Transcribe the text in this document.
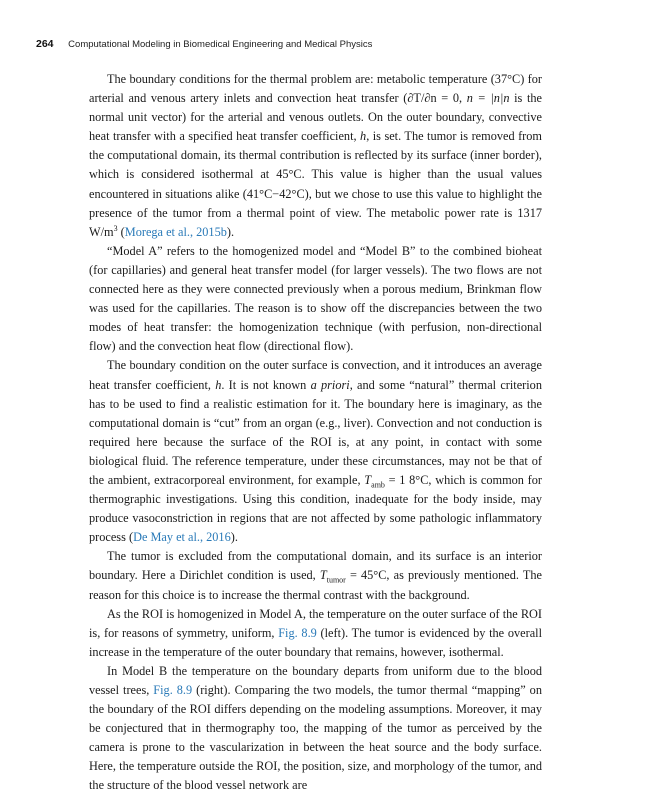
264 Computational Modeling in Biomedical Engineering and Medical Physics

The boundary conditions for the thermal problem are: metabolic temperature (37°C) for arterial and venous artery inlets and convection heat transfer (∂T/∂n = 0, n = |n|n is the normal unit vector) for the arterial and venous outlets. On the outer boundary, convective heat transfer with a specified heat transfer coefficient, h, is set. The tumor is removed from the computational domain, its thermal contribution is reflected by its surface (inner border), which is considered isothermal at 45°C. This value is higher than the usual values encountered in situations alike (41°C−42°C), but we chose to use this value to highlight the presence of the tumor from a thermal point of view. The metabolic power rate is 1317 $W/m^3$ (Morega et al., 2015b).

“Model A” refers to the homogenized model and “Model B” to the combined bioheat (for capillaries) and general heat transfer model (for larger vessels). The two flows are not connected here as they were connected previously when a porous medium, Brinkman flow was used for the capillaries. The reason is to show off the discrepancies between the two modes of heat transfer: the homogenization technique (with perfusion, non-directional flow) and the convection heat flow (directional flow).

The boundary condition on the outer surface is convection, and it introduces an average heat transfer coefficient, h. It is not known a priori, and some “natural” thermal criterion has to be used to find a realistic estimation for it. The boundary here is imaginary, as the computational domain is “cut” from an organ (e.g., liver). Convection and not conduction is required here because the surface of the ROI is, at any point, in contact with some biological fluid. The reference temperature, under these circumstances, may not be that of the ambient, extracorporeal environment, for example, $T_{amb} = 1$ 8°C, which is common for thermographic investigations. Using this condition, inadequate for the body inside, may produce vasoconstriction in regions that are not affected by some pathologic inflammatory process (De May et al., 2016).

The tumor is excluded from the computational domain, and its surface is an interior boundary. Here a Dirichlet condition is used, $T_{tumor} = 45^\circ C$, as previously mentioned. The reason for this choice is to increase the thermal contrast with the background.

As the ROI is homogenized in Model A, the temperature on the outer surface of the ROI is, for reasons of symmetry, uniform, Fig. 8.9 (left). The tumor is evidenced by the overall increase in the temperature of the outer boundary that remains, however, isothermal.

In Model B the temperature on the boundary departs from uniform due to the blood vessel trees, Fig. 8.9 (right). Comparing the two models, the tumor thermal “mapping” on the boundary of the ROI differs depending on the modeling assumptions. Moreover, it may be conjectured that in thermography too, the mapping of the tumor as perceived by the camera is prone to the vascularization in between the heat source and the body surface. Here, the temperature outside the ROI, the position, size, and morphology of the tumor, and the structure of the blood vessel network are
